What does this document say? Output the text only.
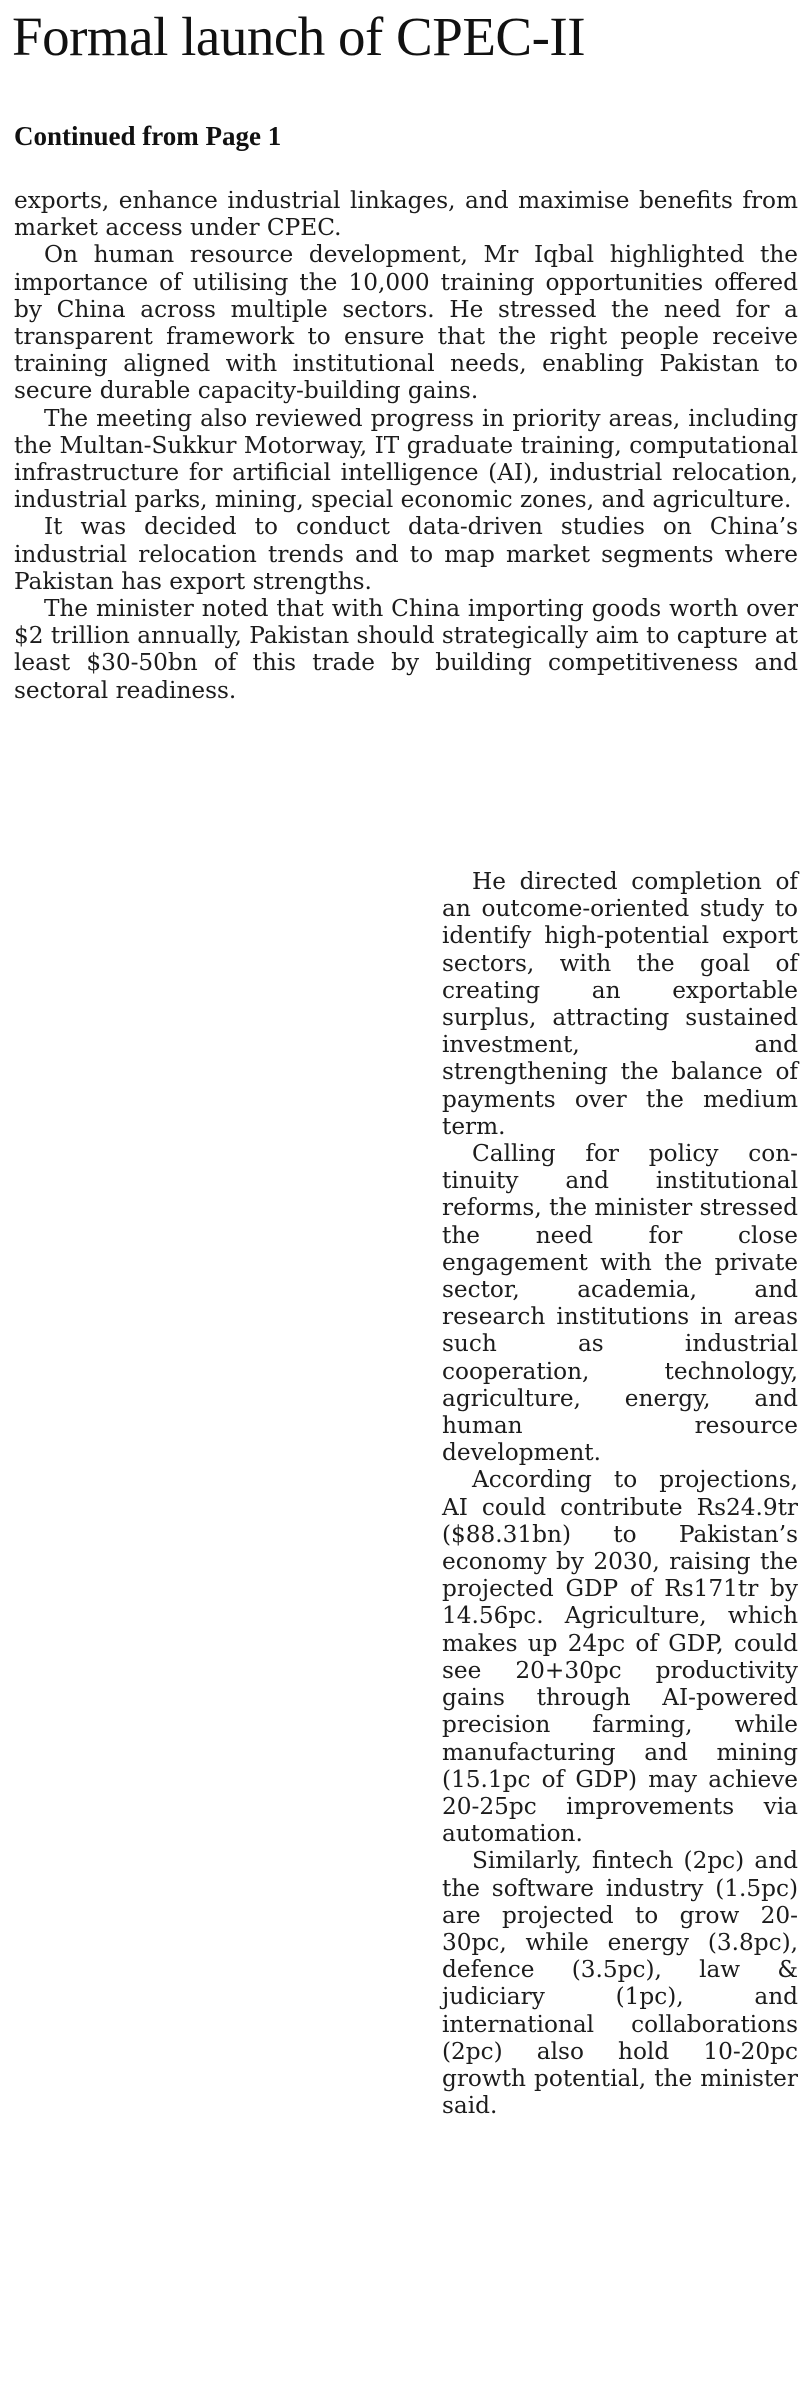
Formal launch of CPEC-II
Continued from Page 1

exports, enhance industrial linkages, and maximise benefits from market access under CPEC.

On human resource development, Mr Iqbal highlighted the importance of utilising the 10,000 training opportunities offered by China across multiple sectors. He stressed the need for a transparent framework to ensure that the right people receive training aligned with institutional needs, enabling Pakistan to secure durable capacity-building gains.

The meeting also reviewed progress in priority areas, including the Multan-Sukkur Motorway, IT graduate training, computational infrastructure for artificial intelligence (AI), industrial relocation, industrial parks, mining, special economic zones, and agriculture.

It was decided to conduct data-driven studies on China’s industrial relocation trends and to map market segments where Pakistan has export strengths.

The minister noted that with China importing goods worth over $2 trillion annually, Pakistan should strategically aim to capture at least $30-50bn of this trade by building competitiveness and sectoral readiness.

He directed completion of an outcome-oriented study to identify high-potential export sectors, with the goal of creating an exportable surplus, attracting sustained investment, and strengthening the balance of payments over the medium term.

Calling for policy continuity and institutional reforms, the minister stressed the need for close engagement with the private sector, academia, and research institutions in areas such as industrial cooperation, technology, agriculture, energy, and human resource development.

According to projections, AI could contribute Rs24.9tr ($88.31bn) to Pakistan’s economy by 2030, raising the projected GDP of Rs171tr by 14.56pc. Agriculture, which makes up 24pc of GDP, could see 20+30pc productivity gains through AI-powered precision farming, while manufacturing and mining (15.1pc of GDP) may achieve 20-25pc improvements via automation.

Similarly, fintech (2pc) and the software industry (1.5pc) are projected to grow 20-30pc, while energy (3.8pc), defence (3.5pc), law & judiciary (1pc), and international collaborations (2pc) also hold 10-20pc growth potential, the minister said.
